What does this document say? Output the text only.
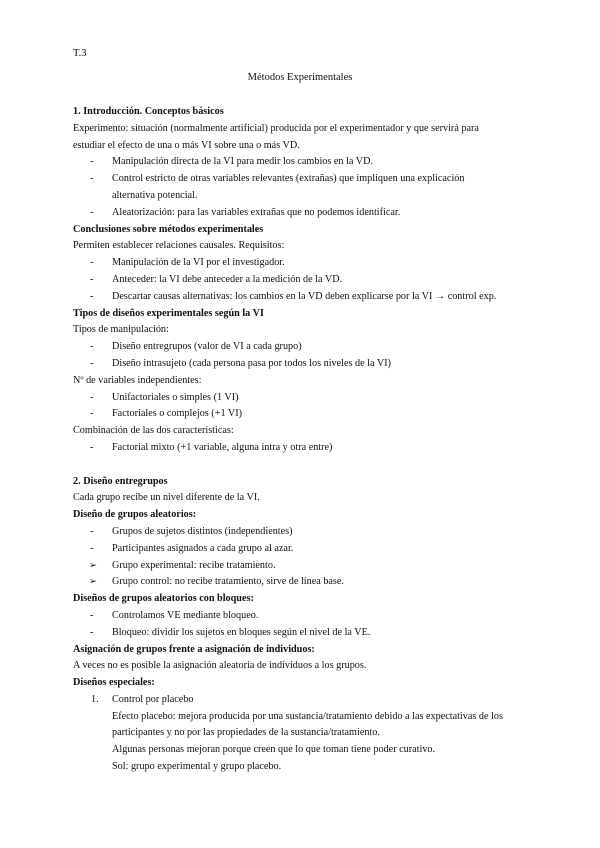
T.3
Métodos Experimentales
1. Introducción. Conceptos básicos
Experimento: situación (normalmente artificial) producida por el experimentador y que servirá para
estudiar el efecto de una o más VI sobre una o más VD.
- Manipulación directa de la VI para medir los cambios en la VD.
- Control estricto de otras variables relevantes (extrañas) que impliquen una explicación
alternativa potencial.
- Aleatorización: para las variables extrañas que no podemos identificar.
Conclusiones sobre métodos experimentales
Permiten establecer relaciones causales. Requisitos:
- Manipulación de la VI por el investigador.
- Anteceder: la VI debe anteceder a la medición de la VD.
- Descartar causas alternativas: los cambios en la VD deben explicarse por la VI → control exp.
Tipos de diseños experimentales según la VI
Tipos de manipulación:
- Diseño entregrupos (valor de VI a cada grupo)
- Diseño intrasujeto (cada persona pasa por todos los niveles de la VI)
Nº de variables independientes:
- Unifactoriales o simples (1 VI)
- Factoriales o complejos (+1 VI)
Combinación de las dos características:
- Factorial mixto (+1 variable, alguna intra y otra entre)
2. Diseño entregrupos
Cada grupo recibe un nivel diferente de la VI.
Diseño de grupos aleatorios:
- Grupos de sujetos distintos (independientes)
- Participantes asignados a cada grupo al azar.
➢ Grupo experimental: recibe tratamiento.
➢ Grupo control: no recibe tratamiento, sirve de línea base.
Diseños de grupos aleatorios con bloques:
- Controlamos VE mediante bloqueo.
- Bloqueo: dividir los sujetos en bloques según el nivel de la VE.
Asignación de grupos frente a asignación de individuos:
A veces no es posible la asignación aleatoria de individuos a los grupos.
Diseños especiales:
1. Control por placebo
Efecto placebo: mejora producida por una sustancia/tratamiento debido a las expectativas de los
participantes y no por las propiedades de la sustancia/tratamiento.
Algunas personas mejoran porque creen que lo que toman tiene poder curativo.
Sol: grupo experimental y grupo placebo.
